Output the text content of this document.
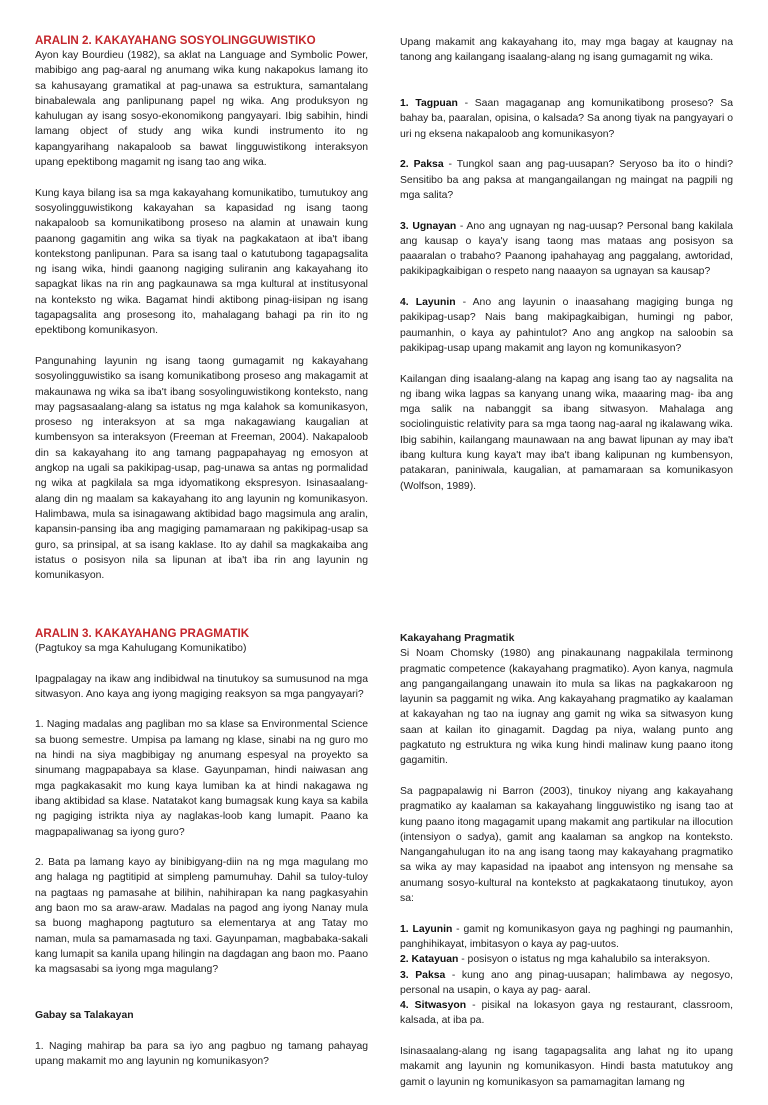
ARALIN 2. KAKAYAHANG SOSYOLINGGUWISTIKO

Ayon kay Bourdieu (1982), sa aklat na Language and Symbolic Power, mabibigo ang pag-aaral ng anumang wika kung nakapokus lamang ito sa kahusayang gramatikal at pag-unawa sa estruktura, samantalang binabalewala ang panlipunang papel ng wika. Ang produksyon ng kahulugan ay isang sosyo-ekonomikong pangyayari. Ibig sabihin, hindi lamang object of study ang wika kundi instrumento ito ng kapangyarihang nakapaloob sa bawat lingguwistikong interaksyon upang epektibong magamit ng isang tao ang wika.

Kung kaya bilang isa sa mga kakayahang komunikatibo, tumutukoy ang sosyolingguwistikong kakayahan sa kapasidad ng isang taong nakapaloob sa komunikatibong proseso na alamin at unawain kung paanong gagamitin ang wika sa tiyak na pagkakataon at iba't ibang kontekstong panlipunan. Para sa isang taal o katutubong tagapagsalita ng isang wika, hindi gaanong nagiging suliranin ang kakayahang ito sapagkat likas na rin ang pagkaunawa sa mga kultural at institusyonal na konteksto ng wika. Bagamat hindi aktibong pinag-iisipan ng isang tagapagsalita ang prosesong ito, mahalagang bahagi pa rin ito ng epektibong komunikasyon.

Pangunahing layunin ng isang taong gumagamit ng kakayahang sosyolingguwistiko sa isang komunikatibong proseso ang makagamit at makaunawa ng wika sa iba't ibang sosyolinguwistikong konteksto, nang may pagsasaalang-alang sa istatus ng mga kalahok sa komunikasyon, proseso ng interaksyon at sa mga nakagawiang kaugalian at kumbensyon sa interaksyon (Freeman at Freeman, 2004). Nakapaloob din sa kakayahang ito ang tamang pagpapahayag ng emosyon at angkop na ugali sa pakikipag-usap, pag-unawa sa antas ng pormalidad ng wika at pagkilala sa mga idyomatikong ekspresyon. Isinasaalang-alang din ng maalam sa kakayahang ito ang layunin ng komunikasyon. Halimbawa, mula sa isinagawang aktibidad bago magsimula ang aralin, kapansin-pansing iba ang magiging pamamaraan ng pakikipag-usap sa guro, sa prinsipal, at sa isang kaklase. Ito ay dahil sa magkakaiba ang istatus o posisyon nila sa lipunan at iba't iba rin ang layunin ng komunikasyon.

Upang makamit ang kakayahang ito, may mga bagay at kaugnay na tanong ang kailangang isaalang-alang ng isang gumagamit ng wika.

1. Tagpuan - Saan magaganap ang komunikatibong proseso? Sa bahay ba, paaralan, opisina, o kalsada? Sa anong tiyak na pangyayari o uri ng eksena nakapaloob ang komunikasyon?

2. Paksa - Tungkol saan ang pag-uusapan? Seryoso ba ito o hindi? Sensitibo ba ang paksa at mangangailangan ng maingat na pagpili ng mga salita?

3. Ugnayan - Ano ang ugnayan ng nag-uusap? Personal bang kakilala ang kausap o kaya'y isang taong mas mataas ang posisyon sa paaaralan o trabaho? Paanong ipahahayag ang paggalang, awtoridad, pakikipagkaibigan o respeto nang naaayon sa ugnayan sa kausap?

4. Layunin - Ano ang layunin o inaasahang magiging bunga ng pakikipag-usap? Nais bang makipagkaibigan, humingi ng pabor, paumanhin, o kaya ay pahintulot? Ano ang angkop na saloobin sa pakikipag-usap upang makamit ang layon ng komunikasyon?

Kailangan ding isaalang-alang na kapag ang isang tao ay nagsalita na ng ibang wika lagpas sa kanyang unang wika, maaaring mag- iba ang mga salik na nabanggit sa ibang sitwasyon. Mahalaga ang sociolinguistic relativity para sa mga taong nag-aaral ng ikalawang wika. Ibig sabihin, kailangang maunawaan na ang bawat lipunan ay may iba't ibang kultura kung kaya't may iba't ibang kalipunan ng kumbensyon, patakaran, paniniwala, kaugalian, at pamamaraan sa komunikasyon (Wolfson, 1989).

ARALIN 3. KAKAYAHANG PRAGMATIK

(Pagtukoy sa mga Kahulugang Komunikatibo)

Ipagpalagay na ikaw ang indibidwal na tinutukoy sa sumusunod na mga sitwasyon. Ano kaya ang iyong magiging reaksyon sa mga pangyayari?

1. Naging madalas ang pagliban mo sa klase sa Environmental Science sa buong semestre. Umpisa pa lamang ng klase, sinabi na ng guro mo na hindi na siya magbibigay ng anumang espesyal na proyekto sa sinumang magpapabaya sa klase. Gayunpaman, hindi naiwasan ang mga pagkakasakit mo kung kaya lumiban ka at hindi nakagawa ng ibang aktibidad sa klase. Natatakot kang bumagsak kung kaya sa kabila ng pagiging istrikta niya ay naglakas-loob kang lumapit. Paano ka magpapaliwanag sa iyong guro?

2. Bata pa lamang kayo ay binibigyang-diin na ng mga magulang mo ang halaga ng pagtitipid at simpleng pamumuhay. Dahil sa tuloy-tuloy na pagtaas ng pamasahe at bilihin, nahihirapan ka nang pagkasyahin ang baon mo sa araw-araw. Madalas na pagod ang iyong Nanay mula sa buong maghapong pagtuturo sa elementarya at ang Tatay mo naman, mula sa pamamasada ng taxi. Gayunpaman, magbabaka-sakali kang lumapit sa kanila upang hilingin na dagdagan ang baon mo. Paano ka magsasabi sa iyong mga magulang?

Gabay sa Talakayan

1. Naging mahirap ba para sa iyo ang pagbuo ng tamang pahayag upang makamit mo ang layunin ng komunikasyon?

Kakayahang Pragmatik

Si Noam Chomsky (1980) ang pinakaunang nagpakilala terminong pragmatic competence (kakayahang pragmatiko). Ayon kanya, nagmula ang pangangailangang unawain ito mula sa likas na pagkakaroon ng layunin sa paggamit ng wika. Ang kakayahang pragmatiko ay kaalaman at kakayahan ng tao na iugnay ang gamit ng wika sa sitwasyon kung saan at kailan ito ginagamit. Dagdag pa niya, walang punto ang pagkatuto ng estruktura ng wika kung hindi malinaw kung paano itong gagamitin.

Sa pagpapalawig ni Barron (2003), tinukoy niyang ang kakayahang pragmatiko ay kaalaman sa kakayahang lingguwistiko ng isang tao at kung paano itong magagamit upang makamit ang partikular na illocution (intensiyon o sadya), gamit ang kaalaman sa angkop na konteksto. Nangangahulugan ito na ang isang taong may kakayahang pragmatiko sa wika ay may kapasidad na ipaabot ang intensyon ng mensahe sa anumang sosyo-kultural na konteksto at pagkakataong tinutukoy, ayon sa:

1. Layunin - gamit ng komunikasyon gaya ng paghingi ng paumanhin, panghihikayat, imbitasyon o kaya ay pag-uutos.

2. Katayuan - posisyon o istatus ng mga kahalubilo sa interaksyon.

3. Paksa - kung ano ang pinag-uusapan; halimbawa ay negosyo, personal na usapin, o kaya ay pag- aaral.

4. Sitwasyon - pisikal na lokasyon gaya ng restaurant, classroom, kalsada, at iba pa.

Isinasaalang-alang ng isang tagapagsalita ang lahat ng ito upang makamit ang layunin ng komunikasyon. Hindi basta matutukoy ang gamit o layunin ng komunikasyon sa pamamagitan lamang ng
